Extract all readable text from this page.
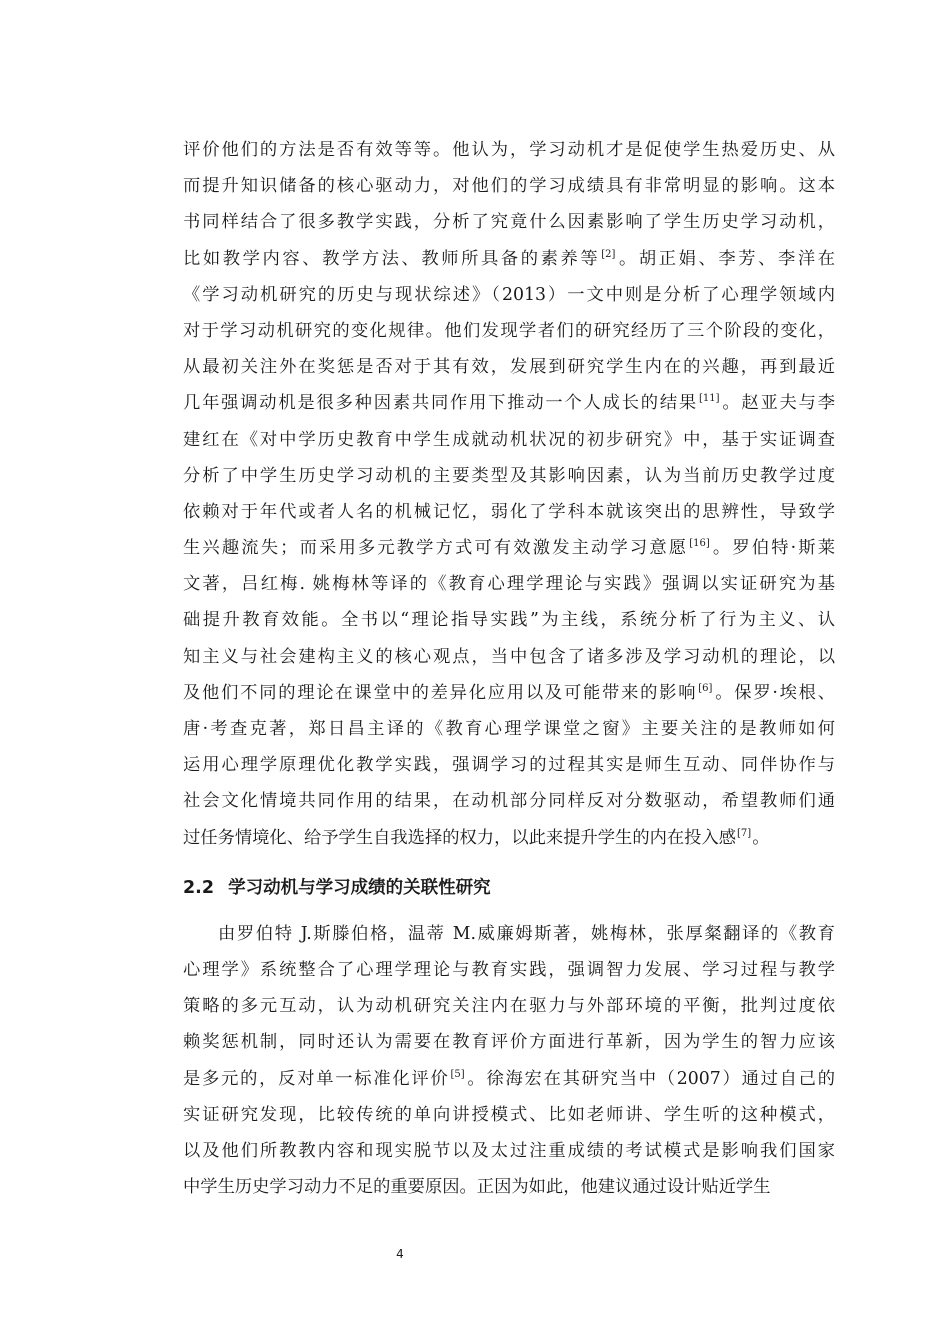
评价他们的方法是否有效等等。他认为，学习动机才是促使学生热爱历史、从
而提升知识储备的核心驱动力，对他们的学习成绩具有非常明显的影响。这本
书同样结合了很多教学实践，分析了究竟什么因素影响了学生历史学习动机，
比如教学内容、教学方法、教师所具备的素养等[2]。胡正娟、李芳、李洋在
《学习动机研究的历史与现状综述》（2013）一文中则是分析了心理学领域内
对于学习动机研究的变化规律。他们发现学者们的研究经历了三个阶段的变化，
从最初关注外在奖惩是否对于其有效，发展到研究学生内在的兴趣，再到最近
几年强调动机是很多种因素共同作用下推动一个人成长的结果[11]。赵亚夫与李
建红在《对中学历史教育中学生成就动机状况的初步研究》中，基于实证调查
分析了中学生历史学习动机的主要类型及其影响因素，认为当前历史教学过度
依赖对于年代或者人名的机械记忆，弱化了学科本就该突出的思辨性，导致学
生兴趣流失；而采用多元教学方式可有效激发主动学习意愿[16]。罗伯特·斯莱
文著，吕红梅. 姚梅林等译的《教育心理学理论与实践》强调以实证研究为基
础提升教育效能。全书以“理论指导实践”为主线，系统分析了行为主义、认
知主义与社会建构主义的核心观点，当中包含了诸多涉及学习动机的理论，以
及他们不同的理论在课堂中的差异化应用以及可能带来的影响[6]。保罗·埃根、
唐·考查克著，郑日昌主译的《教育心理学课堂之窗》主要关注的是教师如何
运用心理学原理优化教学实践，强调学习的过程其实是师生互动、同伴协作与
社会文化情境共同作用的结果，在动机部分同样反对分数驱动，希望教师们通
过任务情境化、给予学生自我选择的权力，以此来提升学生的内在投入感[7]。
2.2 学习动机与学习成绩的关联性研究
由罗伯特 J.斯滕伯格，温蒂 M.威廉姆斯著，姚梅林，张厚粲翻译的《教育
心理学》系统整合了心理学理论与教育实践，强调智力发展、学习过程与教学
策略的多元互动，认为动机研究关注内在驱力与外部环境的平衡，批判过度依
赖奖惩机制，同时还认为需要在教育评价方面进行革新，因为学生的智力应该
是多元的，反对单一标准化评价[5]。徐海宏在其研究当中（2007）通过自己的
实证研究发现，比较传统的单向讲授模式、比如老师讲、学生听的这种模式，
以及他们所教教内容和现实脱节以及太过注重成绩的考试模式是影响我们国家
中学生历史学习动力不足的重要原因。正因为如此，他建议通过设计贴近学生
4
